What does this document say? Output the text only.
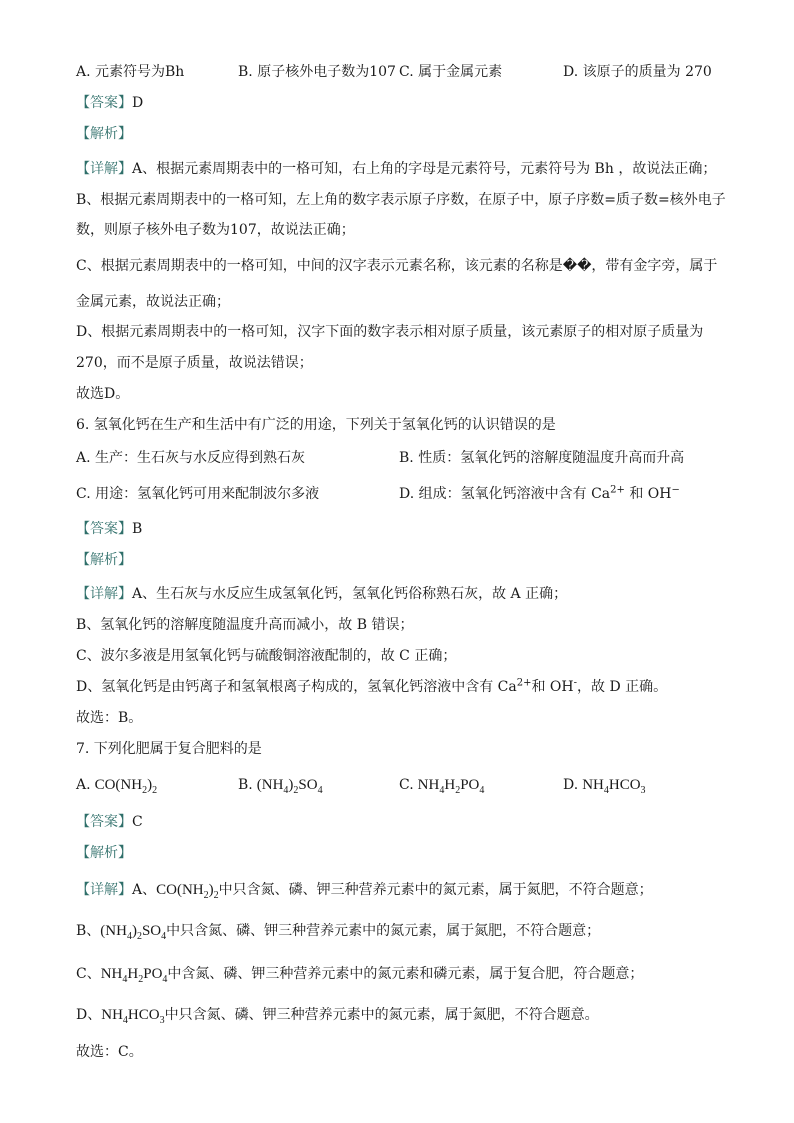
A. 元素符号为Bh	B. 原子核外电子数为107 C. 属于金属元素	D. 该原子的质量为 270
【答案】D
【解析】
【详解】A、根据元素周期表中的一格可知，右上角的字母是元素符号，元素符号为 Bh ，故说法正确；
B、根据元素周期表中的一格可知，左上角的数字表示原子序数，在原子中，原子序数=质子数=核外电子
数，则原子核外电子数为107，故说法正确；
C、根据元素周期表中的一格可知，中间的汉字表示元素名称，该元素的名称是��，带有金字旁，属于
金属元素，故说法正确；
D、根据元素周期表中的一格可知，汉字下面的数字表示相对原子质量，该元素原子的相对原子质量为
270，而不是原子质量，故说法错误；
故选D。
6. 氢氧化钙在生产和生活中有广泛的用途，下列关于氢氧化钙的认识错误的是
A. 生产：生石灰与水反应得到熟石灰	B. 性质：氢氧化钙的溶解度随温度升高而升高
C. 用途：氢氧化钙可用来配制波尔多液	D. 组成：氢氧化钙溶液中含有 $Ca^{2+}$ 和 OH−
【答案】B
【解析】
【详解】A、生石灰与水反应生成氢氧化钙，氢氧化钙俗称熟石灰，故 A 正确；
B、氢氧化钙的溶解度随温度升高而减小，故 B 错误；
C、波尔多液是用氢氧化钙与硫酸铜溶液配制的，故 C 正确；
D、氢氧化钙是由钙离子和氢氧根离子构成的，氢氧化钙溶液中含有 $Ca^{2+}$和 OH-，故 D 正确。
故选：B。
7. 下列化肥属于复合肥料的是
A. $CO(NH_2)_2$	B. $(NH_4)_2SO_4$	C. $NH_4H_2PO_4$	D. $NH_4HCO_3$
【答案】C
【解析】
【详解】A、$CO(NH_2)_2$中只含氮、磷、钾三种营养元素中的氮元素，属于氮肥，不符合题意；
B、$(NH_4)_2SO_4$中只含氮、磷、钾三种营养元素中的氮元素，属于氮肥，不符合题意；
C、$NH_4H_2PO_4$中含氮、磷、钾三种营养元素中的氮元素和磷元素，属于复合肥，符合题意；
D、$NH_4HCO_3$中只含氮、磷、钾三种营养元素中的氮元素，属于氮肥，不符合题意。
故选：C。
